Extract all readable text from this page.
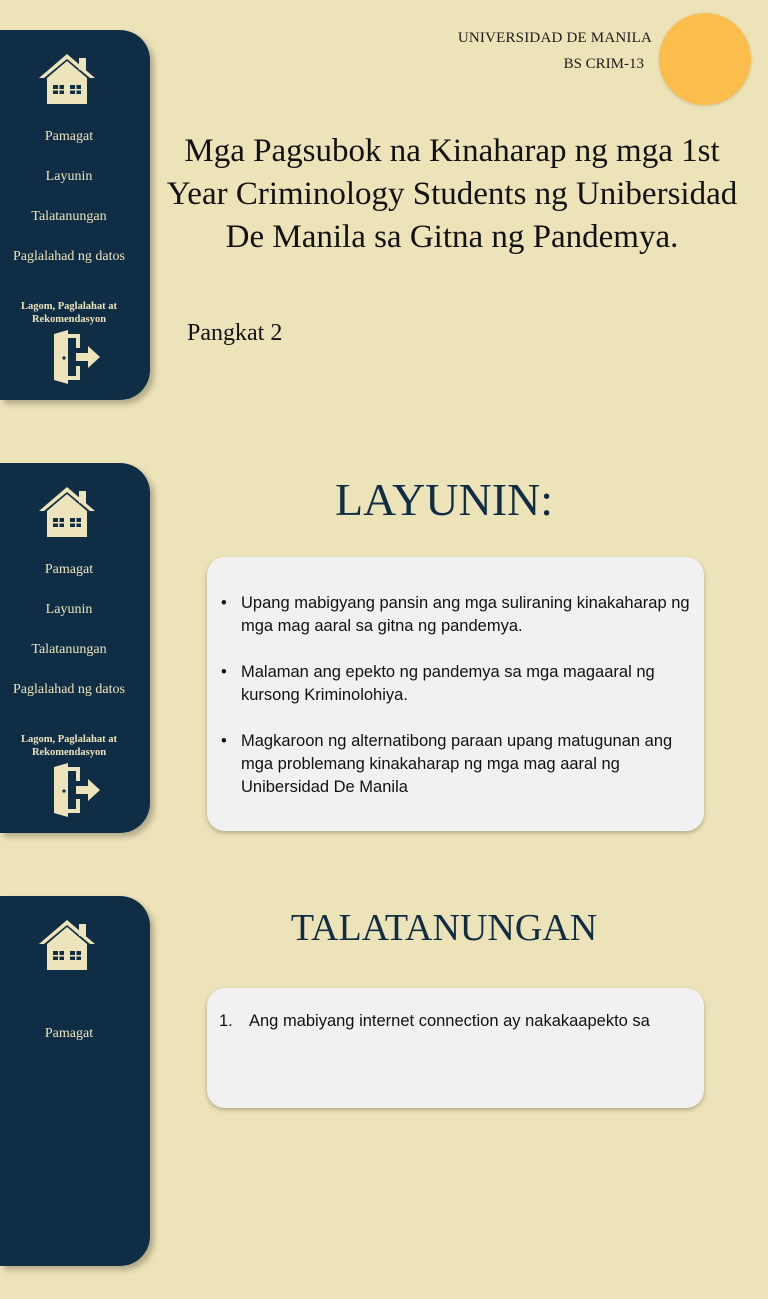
Pamagat
Layunin
Talatanungan
Paglalahad ng datos
Lagom, Paglalahat at Rekomendasyon
UNIVERSIDAD DE MANILA
BS CRIM-13
Mga Pagsubok na Kinaharap ng mga 1st Year Criminology Students ng Unibersidad De Manila sa Gitna ng Pandemya.
Pangkat 2
Pamagat
Layunin
Talatanungan
Paglalahad ng datos
Lagom, Paglalahat at Rekomendasyon
LAYUNIN:
• Upang mabigyang pansin ang mga suliraning kinakaharap ng mga mag aaral sa gitna ng pandemya.
• Malaman ang epekto ng pandemya sa mga magaaral ng kursong Kriminolohiya.
• Magkaroon ng alternatibong paraan upang matugunan ang mga problemang kinakaharap ng mga mag aaral ng Unibersidad De Manila
Pamagat
TALATANUNGAN
1. Ang mabiyang internet connection ay nakakaapekto sa
